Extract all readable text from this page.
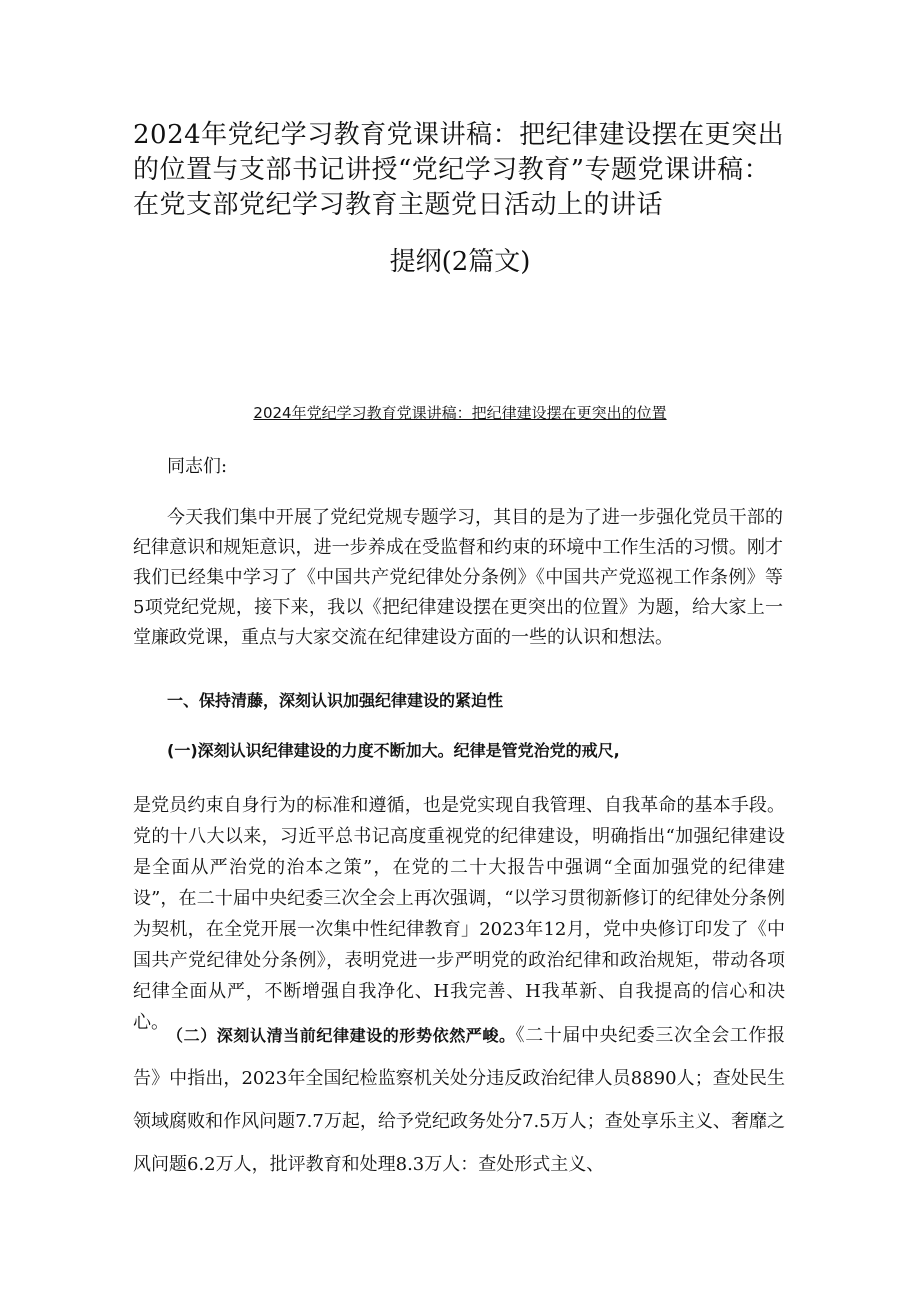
2024年党纪学习教育党课讲稿：把纪律建设摆在更突出
的位置与支部书记讲授“党纪学习教育”专题党课讲稿：
在党支部党纪学习教育主题党日活动上的讲话
提纲(2篇文)
2024年党纪学习教育党课讲稿：把纪律建设摆在更突出的位置

同志们:

今天我们集中开展了党纪党规专题学习，其目的是为了进一步强化党员干部的纪律意识和规矩意识，进一步养成在受监督和约束的环境中工作生活的习惯。刚才我们已经集中学习了《中国共产党纪律处分条例》《中国共产党巡视工作条例》等5项党纪党规，接下来，我以《把纪律建设摆在更突出的位置》为题，给大家上一堂廉政党课，重点与大家交流在纪律建设方面的一些的认识和想法。

一、保持清藤，深刻认识加强纪律建设的紧迫性

(一)深刻认识纪律建设的力度不断加大。纪律是管党治党的戒尺,

是党员约束自身行为的标准和遵循，也是党实现自我管理、自我革命的基本手段。党的十八大以来，习近平总书记高度重视党的纪律建设，明确指出“加强纪律建设是全面从严治党的治本之策”，在党的二十大报告中强调“全面加强党的纪律建设”，在二十届中央纪委三次全会上再次强调，“以学习贯彻新修订的纪律处分条例为契机，在全党开展一次集中性纪律教育」2023年12月，党中央修订印发了《中国共产党纪律处分条例》，表明党进一步严明党的政治纪律和政治规矩，带动各项纪律全面从严，不断增强自我净化、H我完善、H我革新、自我提高的信心和决心。

（二）深刻认清当前纪律建设的形势依然严峻。《二十届中央纪委三次全会工作报告》中指出，2023年全国纪检监察机关处分违反政治纪律人员8890人；查处民生领域腐败和作风问题7.7万起，给予党纪政务处分7.5万人；查处享乐主义、奢靡之风问题6.2万人，批评教育和处理8.3万人：查处形式主义、
